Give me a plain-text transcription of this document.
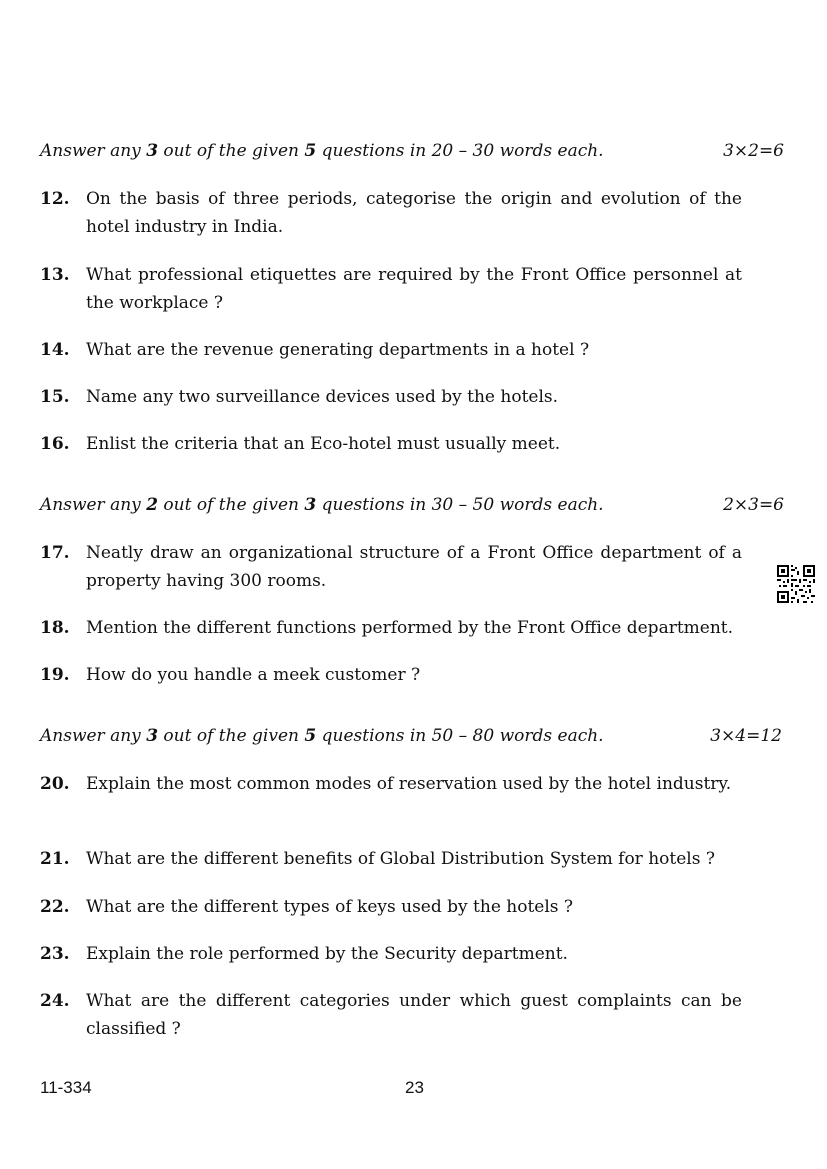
Answer any 3 out of the given 5 questions in 20 – 30 words each.	3×2=6
12. On the basis of three periods, categorise the origin and evolution of the hotel industry in India.
13. What professional etiquettes are required by the Front Office personnel at the workplace ?
14. What are the revenue generating departments in a hotel ?
15. Name any two surveillance devices used by the hotels.
16. Enlist the criteria that an Eco-hotel must usually meet.
Answer any 2 out of the given 3 questions in 30 – 50 words each.	2×3=6
17. Neatly draw an organizational structure of a Front Office department of a property having 300 rooms.
18. Mention the different functions performed by the Front Office department.
19. How do you handle a meek customer ?
Answer any 3 out of the given 5 questions in 50 – 80 words each.	3×4=12
20. Explain the most common modes of reservation used by the hotel industry.
21. What are the different benefits of Global Distribution System for hotels ?
22. What are the different types of keys used by the hotels ?
23. Explain the role performed by the Security department.
24. What are the different categories under which guest complaints can be classified ?
11-334	23
